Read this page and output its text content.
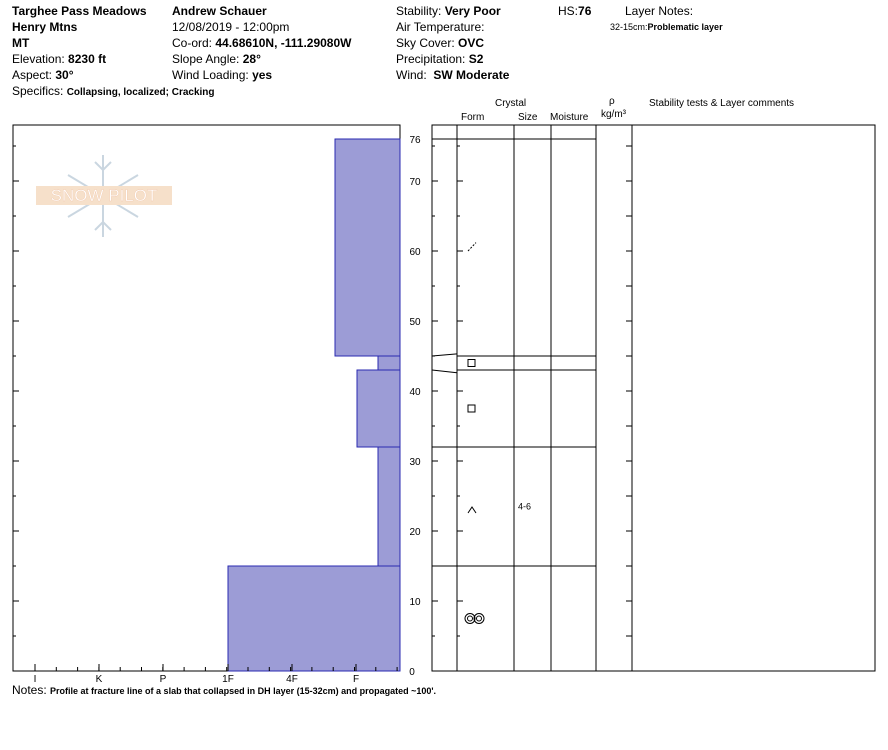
Targhee Pass Meadows Andrew Schauer
Henry Mtns	12/08/2019 - 12:00pm
MT	Co-ord: 44.68610N, -111.29080W
Elevation: 8230 ft	Slope Angle: 28°
Aspect: 30°	Wind Loading: yes
Specifics: Collapsing, localized; Cracking
Stability: Very Poor	HS:76	Layer Notes:
Air Temperature:	32-15cm:Problematic layer
Sky Cover: OVC
Precipitation: S2
Wind: SW Moderate
Crystal
Form	Size Moisture
ρ
kg/m³
Stability tests & Layer comments
SNOW PILOT
I	K	P	1F	4F	F
0
10
20
30
40
50
60
70
76
4-6
Notes: Profile at fracture line of a slab that collapsed in DH layer (15-32cm) and propagated ~100'.
